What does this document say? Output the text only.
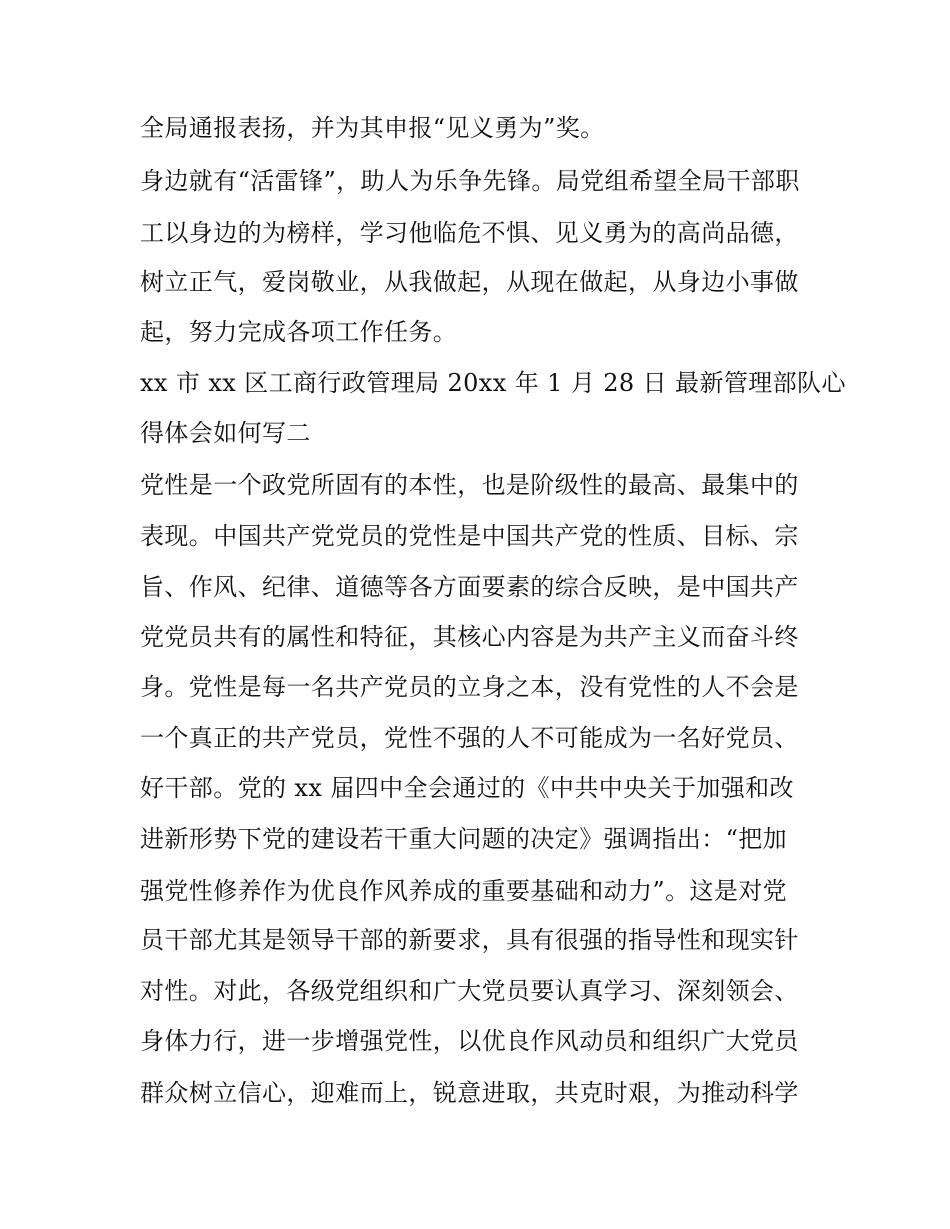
全局通报表扬，并为其申报“见义勇为”奖。
身边就有“活雷锋”，助人为乐争先锋。局党组希望全局干部职
工以身边的为榜样，学习他临危不惧、见义勇为的高尚品德，
树立正气，爱岗敬业，从我做起，从现在做起，从身边小事做
起，努力完成各项工作任务。
xx 市 xx 区工商行政管理局 20xx 年 1 月 28 日 最新管理部队心
得体会如何写二
党性是一个政党所固有的本性，也是阶级性的最高、最集中的
表现。中国共产党党员的党性是中国共产党的性质、目标、宗
旨、作风、纪律、道德等各方面要素的综合反映，是中国共产
党党员共有的属性和特征，其核心内容是为共产主义而奋斗终
身。党性是每一名共产党员的立身之本，没有党性的人不会是
一个真正的共产党员，党性不强的人不可能成为一名好党员、
好干部。党的 xx 届四中全会通过的《中共中央关于加强和改
进新形势下党的建设若干重大问题的决定》强调指出：“把加
强党性修养作为优良作风养成的重要基础和动力”。这是对党
员干部尤其是领导干部的新要求，具有很强的指导性和现实针
对性。对此，各级党组织和广大党员要认真学习、深刻领会、
身体力行，进一步增强党性，以优良作风动员和组织广大党员
群众树立信心，迎难而上，锐意进取，共克时艰，为推动科学
